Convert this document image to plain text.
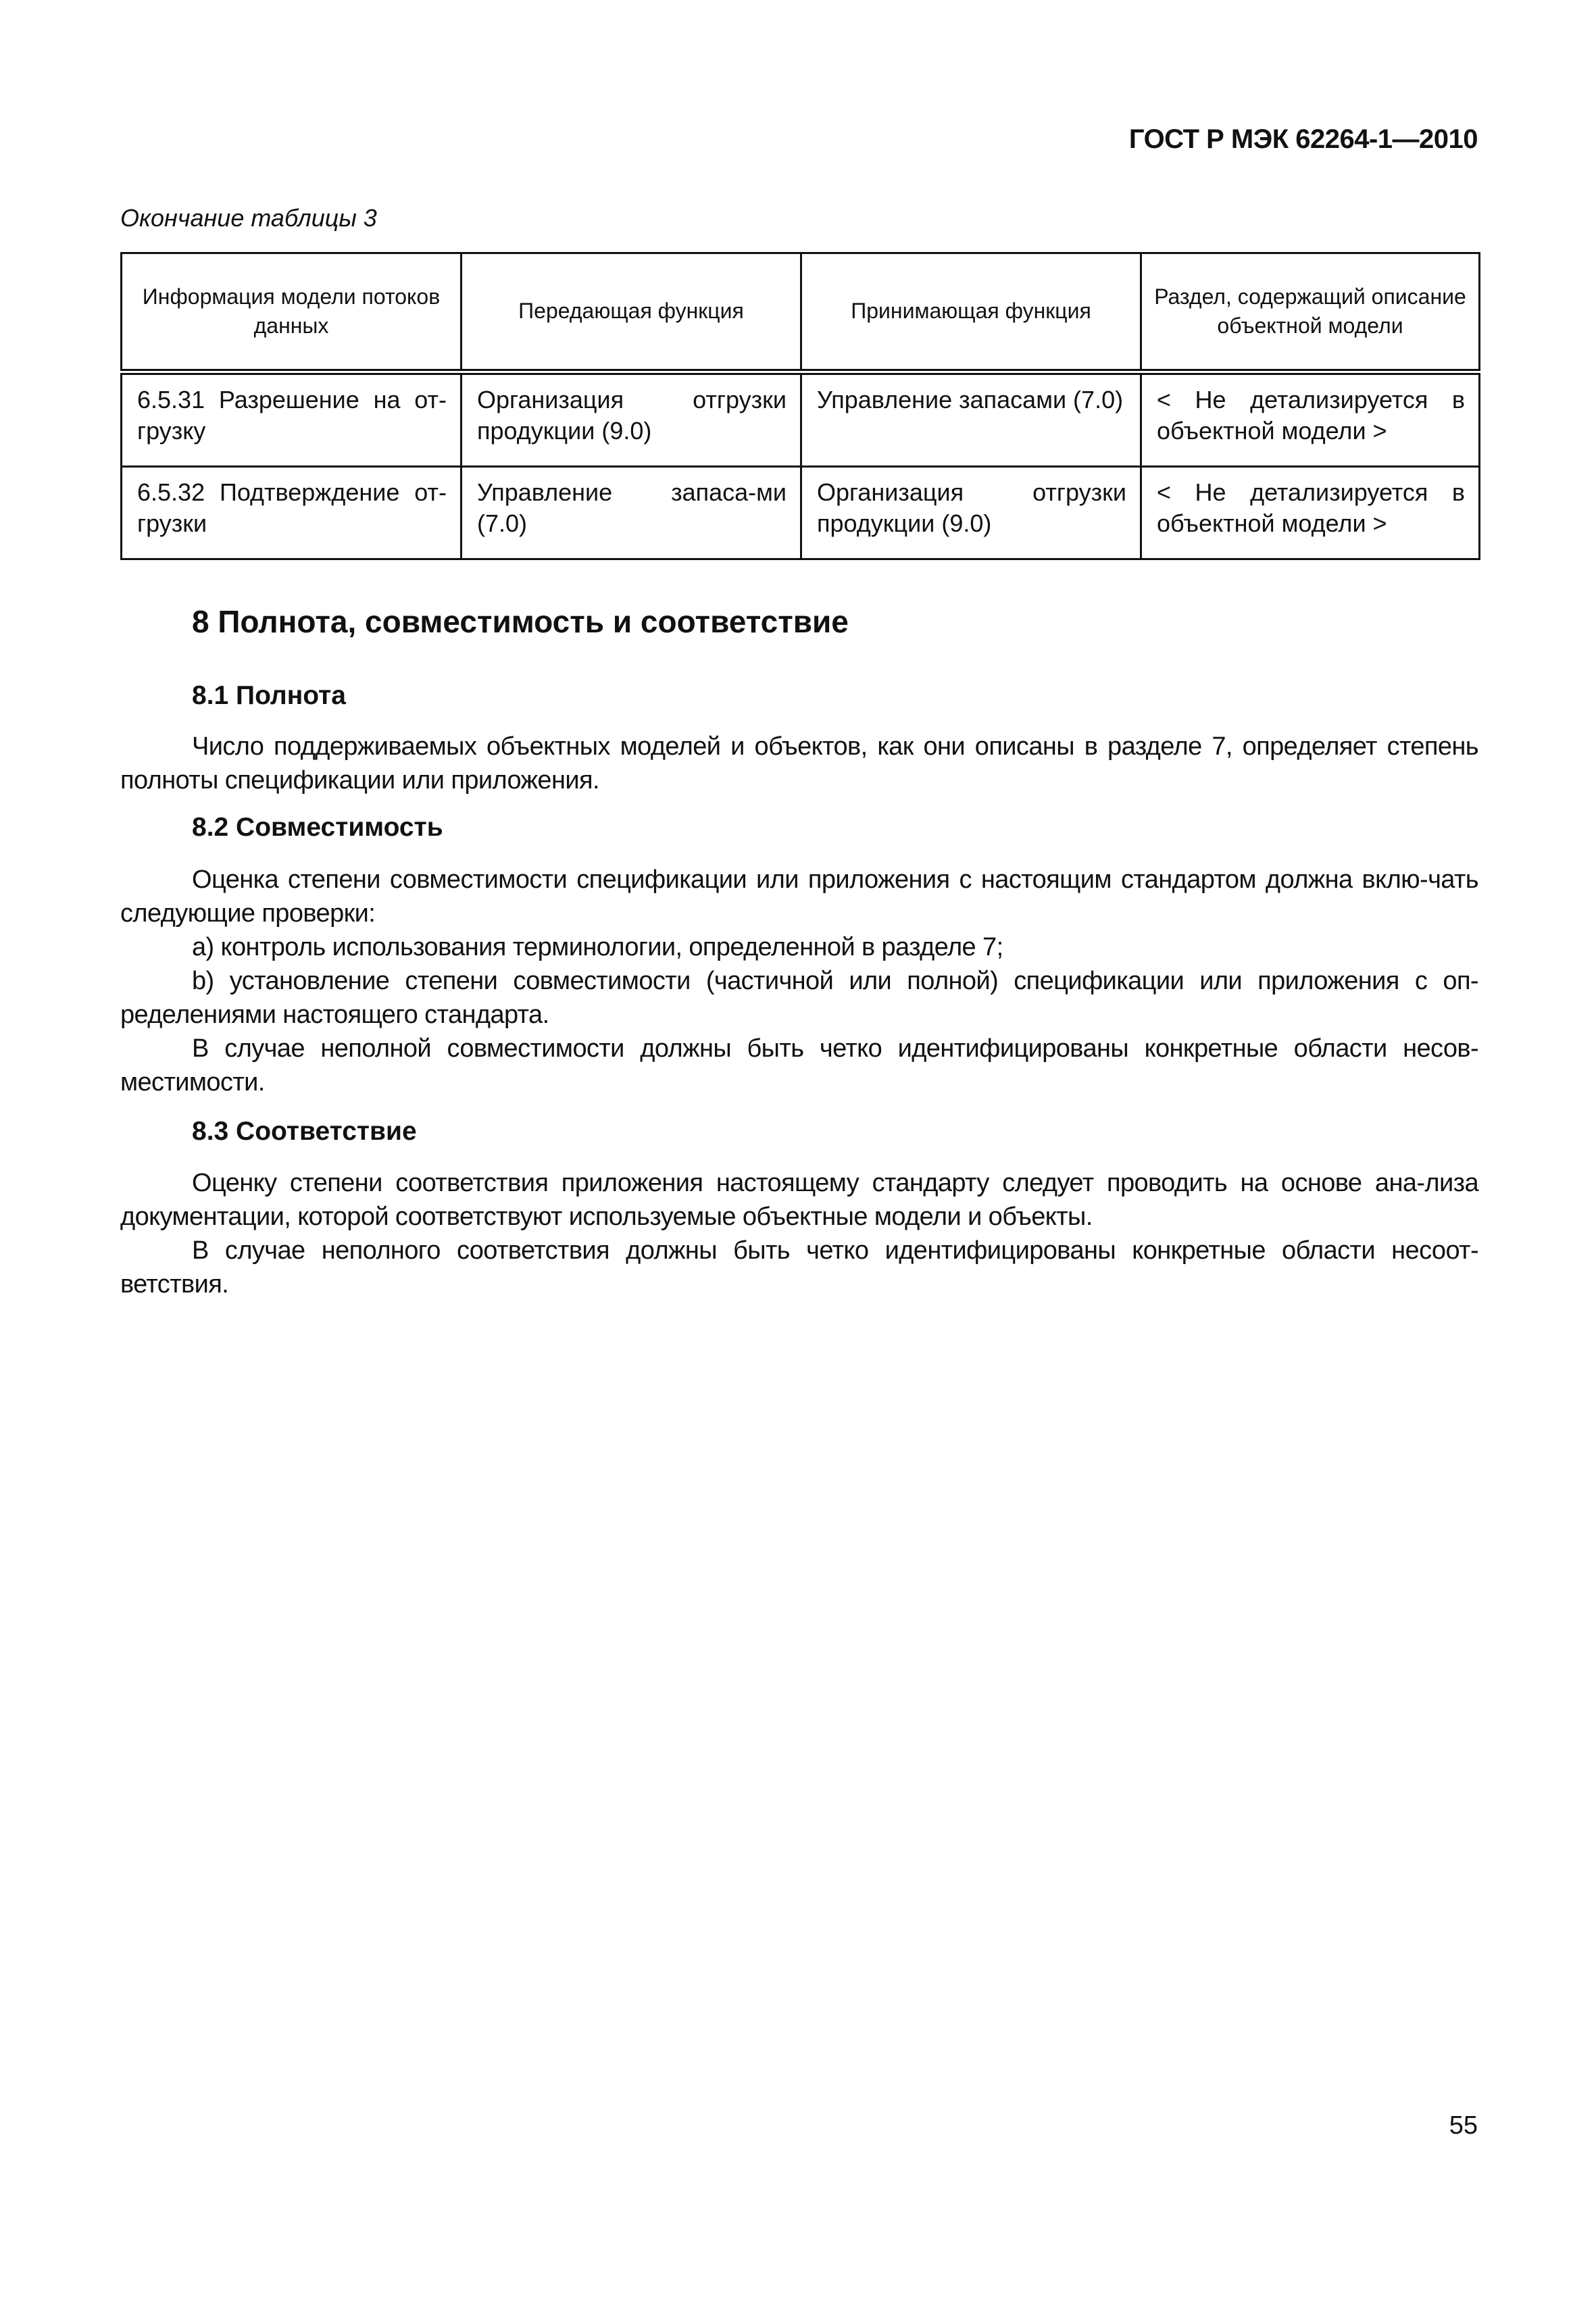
ГОСТ Р МЭК 62264-1—2010
Окончание таблицы 3
Информация модели потоков данных	Передающая функция	Принимающая функция	Раздел, содержащий описание объектной модели
6.5.31 Разрешение на от-грузку	Организация отгрузки продукции (9.0)	Управление запасами (7.0)	< Не детализируется в объектной модели >
6.5.32 Подтверждение от-грузки	Управление запаса-ми (7.0)	Организация отгрузки продукции (9.0)	< Не детализируется в объектной модели >
8 Полнота, совместимость и соответствие
8.1 Полнота

Число поддерживаемых объектных моделей и объектов, как они описаны в разделе 7, определяет степень полноты спецификации или приложения.

8.2 Совместимость

Оценка степени совместимости спецификации или приложения с настоящим стандартом должна вклю-чать следующие проверки:

а) контроль использования терминологии, определенной в разделе 7;

b) установление степени совместимости (частичной или полной) спецификации или приложения с оп-ределениями настоящего стандарта.

В случае неполной совместимости должны быть четко идентифицированы конкретные области несов-местимости.

8.3 Соответствие

Оценку степени соответствия приложения настоящему стандарту следует проводить на основе ана-лиза документации, которой соответствуют используемые объектные модели и объекты.

В случае неполного соответствия должны быть четко идентифицированы конкретные области несоот-ветствия.

55
